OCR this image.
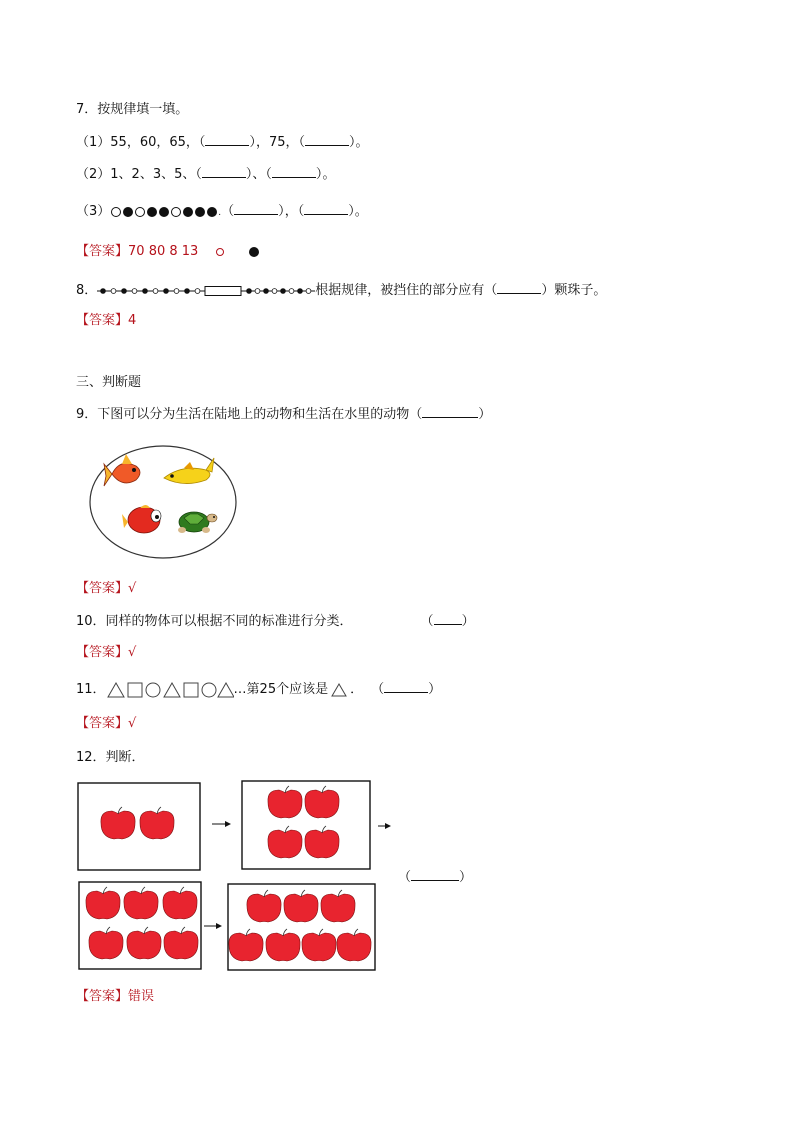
7．按规律填一填。
（1）55，60，65，（	），75，（	）。
（2）1、2、3、5、（	）、（	）。
（3）	.（	），（	）。
【答案】70 80 8 13
8．	根据规律，被挡住的部分应有（	）颗珠子。
【答案】4
三、判断题
9．下图可以分为生活在陆地上的动物和生活在水里的动物（	）
【答案】√
10．同样的物体可以根据不同的标准进行分类．	（ ）
【答案】√
11．	…第25个应该是 ． （	）
【答案】√
12．判断．
（	）
【答案】错误
